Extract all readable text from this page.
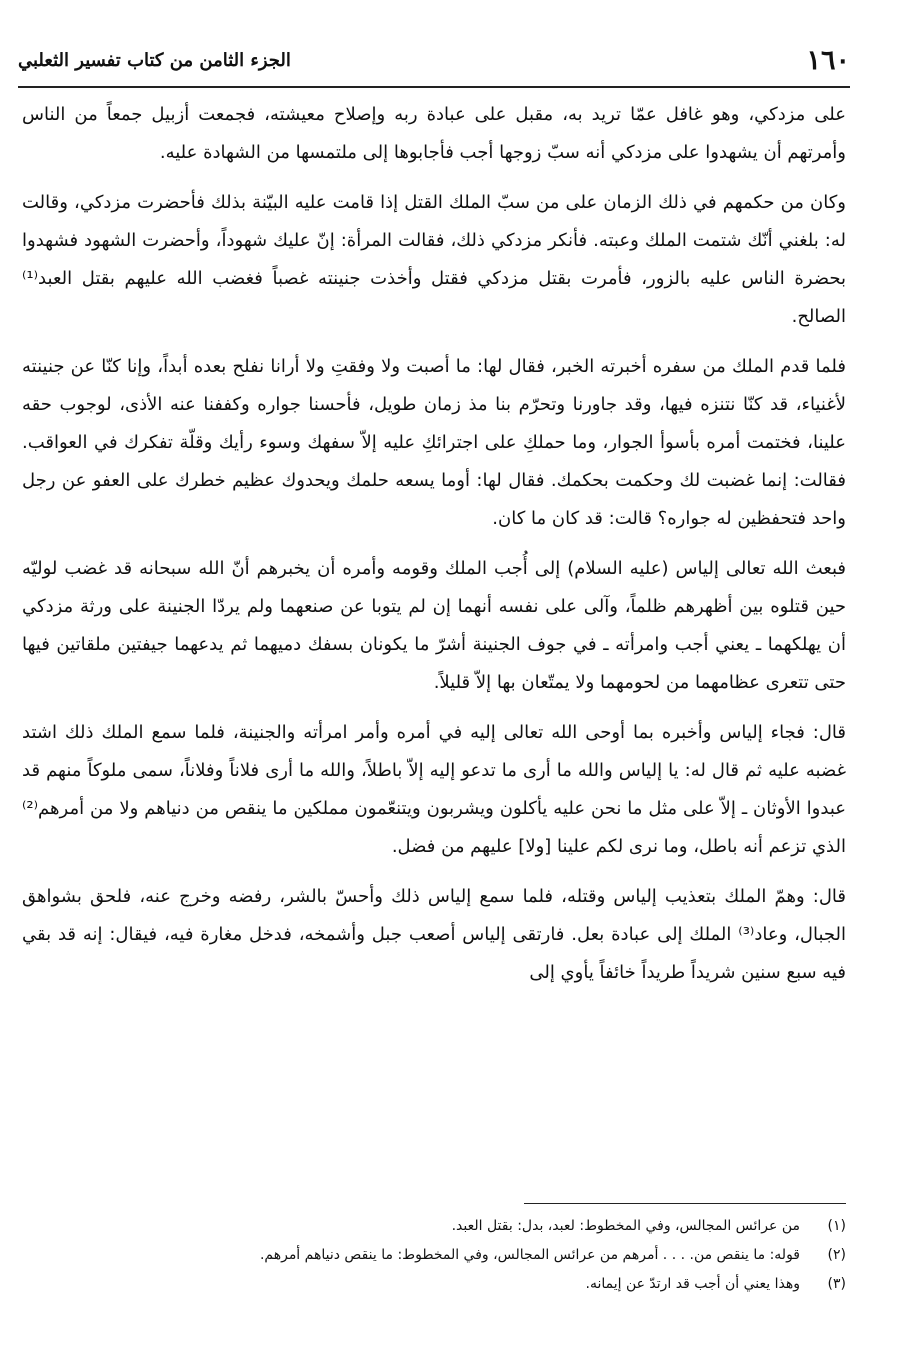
١٦٠
الجزء الثامن من كتاب تفسير الثعلبي

على مزدكي، وهو غافل عمّا تريد به، مقبل على عبادة ربه وإصلاح معيشته، فجمعت أزبيل جمعاً من الناس وأمرتهم أن يشهدوا على مزدكي أنه سبّ زوجها أجب فأجابوها إلى ملتمسها من الشهادة عليه.

وكان من حكمهم في ذلك الزمان على من سبّ الملك القتل إذا قامت عليه البيّنة بذلك فأحضرت مزدكي، وقالت له: بلغني أنّك شتمت الملك وعبته. فأنكر مزدكي ذلك، فقالت المرأة: إنّ عليك شهوداً، وأحضرت الشهود فشهدوا بحضرة الناس عليه بالزور، فأمرت بقتل مزدكي فقتل وأخذت جنينته غصباً فغضب الله عليهم بقتل العبد⁽¹⁾ الصالح.

فلما قدم الملك من سفره أخبرته الخبر، فقال لها: ما أصبت ولا وفقتِ ولا أرانا نفلح بعده أبداً، وإنا كنّا عن جنينته لأغنياء، قد كنّا نتنزه فيها، وقد جاورنا وتحرّم بنا مذ زمان طويل، فأحسنا جواره وكففنا عنه الأذى، لوجوب حقه علينا، فختمت أمره بأسوأ الجوار، وما حملكِ على اجترائكِ عليه إلاّ سفهك وسوء رأيك وقلّة تفكرك في العواقب. فقالت: إنما غضبت لك وحكمت بحكمك. فقال لها: أوما يسعه حلمك ويحدوك عظيم خطرك على العفو عن رجل واحد فتحفظين له جواره؟ قالت: قد كان ما كان.

فبعث الله تعالى إلياس (عليه السلام) إلى أُجب الملك وقومه وأمره أن يخبرهم أنّ الله سبحانه قد غضب لوليّه حين قتلوه بين أظهرهم ظلماً، وآلى على نفسه أنهما إن لم يتوبا عن صنعهما ولم يردّا الجنينة على ورثة مزدكي أن يهلكهما ـ يعني أجب وامرأته ـ في جوف الجنينة أشرّ ما يكونان بسفك دميهما ثم يدعهما جيفتين ملقاتين فيها حتى تتعرى عظامهما من لحومهما ولا يمتّعان بها إلاّ قليلاً.

قال: فجاء إلياس وأخبره بما أوحى الله تعالى إليه في أمره وأمر امرأته والجنينة، فلما سمع الملك ذلك اشتد غضبه عليه ثم قال له: يا إلياس والله ما أرى ما تدعو إليه إلاّ باطلاً، والله ما أرى فلاناً وفلاناً، سمى ملوكاً منهم قد عبدوا الأوثان ـ إلاّ على مثل ما نحن عليه يأكلون ويشربون ويتنعّمون مملكين ما ينقص من دنياهم ولا من أمرهم⁽²⁾ الذي تزعم أنه باطل، وما نرى لكم علينا [ولا] عليهم من فضل.

قال: وهمّ الملك بتعذيب إلياس وقتله، فلما سمع إلياس ذلك وأحسّ بالشر، رفضه وخرج عنه، فلحق بشواهق الجبال، وعاد⁽³⁾ الملك إلى عبادة بعل. فارتقى إلياس أصعب جبل وأشمخه، فدخل مغارة فيه، فيقال: إنه قد بقي فيه سبع سنين شريداً طريداً خائفاً يأوي إلى

(١)
من عرائس المجالس، وفي المخطوط: لعبد، بدل: بقتل العبد.
(٢)
قوله: ما ينقص من. . . . أمرهم من عرائس المجالس، وفي المخطوط: ما ينقص دنياهم أمرهم.
(٣)
وهذا يعني أن أجب قد ارتدّ عن إيمانه.
